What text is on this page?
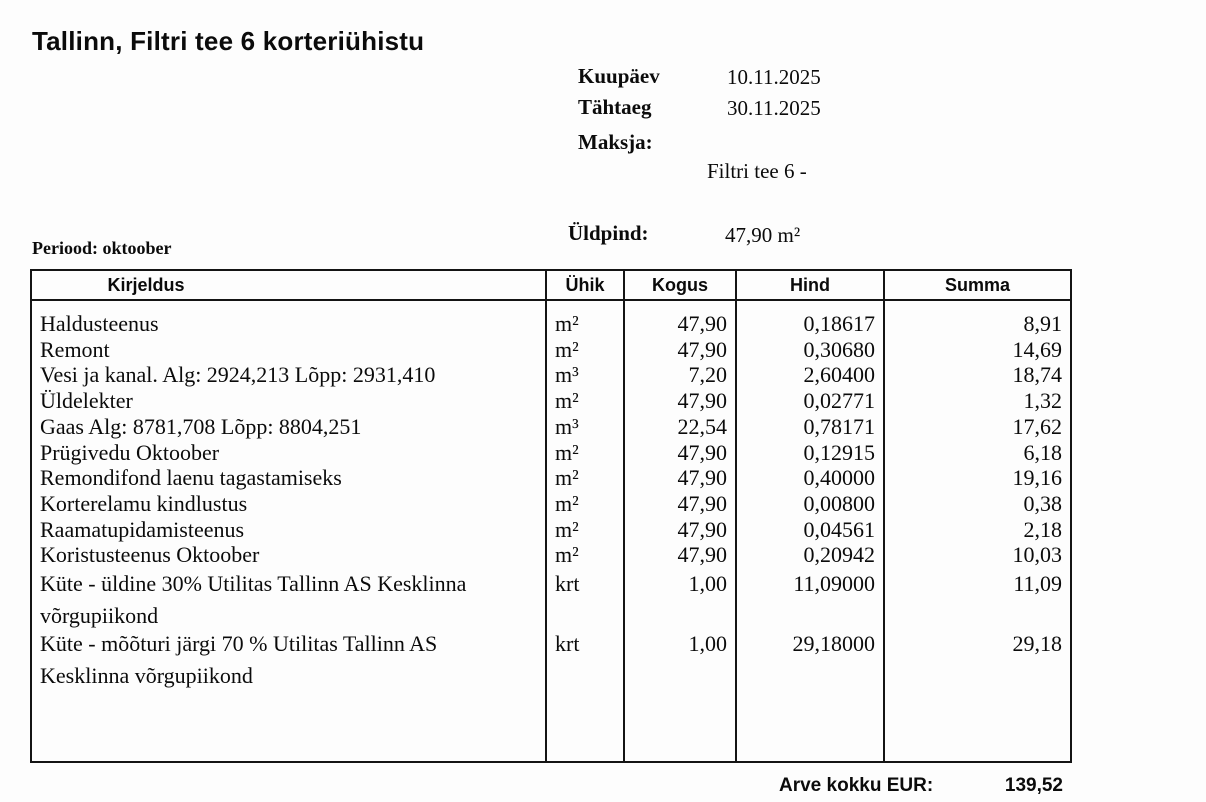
Tallinn, Filtri tee 6 korteriühistu
Kuupäev	10.11.2025
Tähtaeg	30.11.2025
Maksja:
Filtri tee 6 -
Üldpind:	47,90 m²
Periood: oktoober
Kirjeldus	Ühik	Kogus	Hind	Summa
Haldusteenus	m²	47,90	0,18617	8,91
Remont	m²	47,90	0,30680	14,69
Vesi ja kanal. Alg: 2924,213 Lõpp: 2931,410	m³	7,20	2,60400	18,74
Üldelekter	m²	47,90	0,02771	1,32
Gaas Alg: 8781,708 Lõpp: 8804,251	m³	22,54	0,78171	17,62
Prügivedu Oktoober	m²	47,90	0,12915	6,18
Remondifond laenu tagastamiseks	m²	47,90	0,40000	19,16
Korterelamu kindlustus	m²	47,90	0,00800	0,38
Raamatupidamisteenus	m²	47,90	0,04561	2,18
Koristusteenus Oktoober	m²	47,90	0,20942	10,03
Küte - üldine 30% Utilitas Tallinn AS Kesklinna
võrgupiikond	krt	1,00	11,09000	11,09
Küte - mõõturi järgi 70 % Utilitas Tallinn AS
Kesklinna võrgupiikond	krt	1,00	29,18000	29,18

Arve kokku EUR:	139,52
